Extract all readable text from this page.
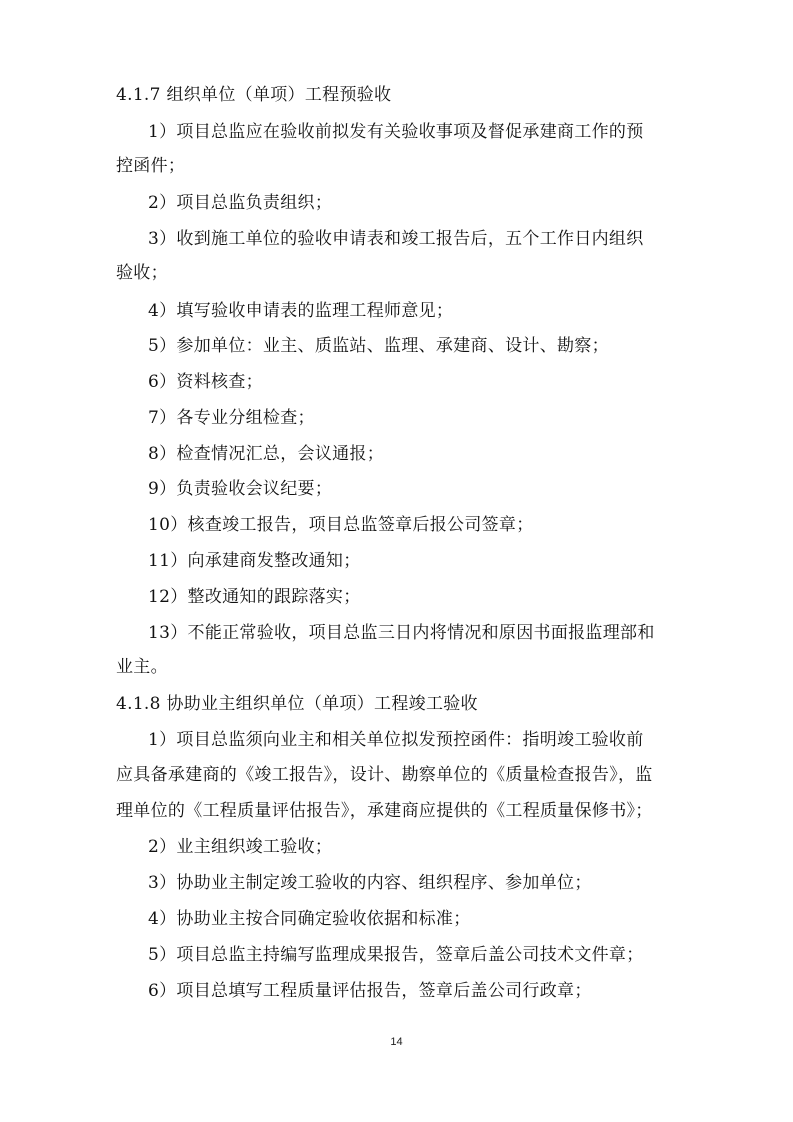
4.1.7 组织单位（单项）工程预验收
1）项目总监应在验收前拟发有关验收事项及督促承建商工作的预
控函件；
2）项目总监负责组织；
3）收到施工单位的验收申请表和竣工报告后，五个工作日内组织
验收；
4）填写验收申请表的监理工程师意见；
5）参加单位：业主、质监站、监理、承建商、设计、勘察；
6）资料核查；
7）各专业分组检查；
8）检查情况汇总，会议通报；
9）负责验收会议纪要；
10）核查竣工报告，项目总监签章后报公司签章；
11）向承建商发整改通知；
12）整改通知的跟踪落实；
13）不能正常验收，项目总监三日内将情况和原因书面报监理部和
业主。
4.1.8 协助业主组织单位（单项）工程竣工验收
1）项目总监须向业主和相关单位拟发预控函件：指明竣工验收前
应具备承建商的《竣工报告》，设计、勘察单位的《质量检查报告》，监
理单位的《工程质量评估报告》，承建商应提供的《工程质量保修书》；
2）业主组织竣工验收；
3）协助业主制定竣工验收的内容、组织程序、参加单位；
4）协助业主按合同确定验收依据和标准；
5）项目总监主持编写监理成果报告，签章后盖公司技术文件章；
6）项目总填写工程质量评估报告，签章后盖公司行政章；
14
